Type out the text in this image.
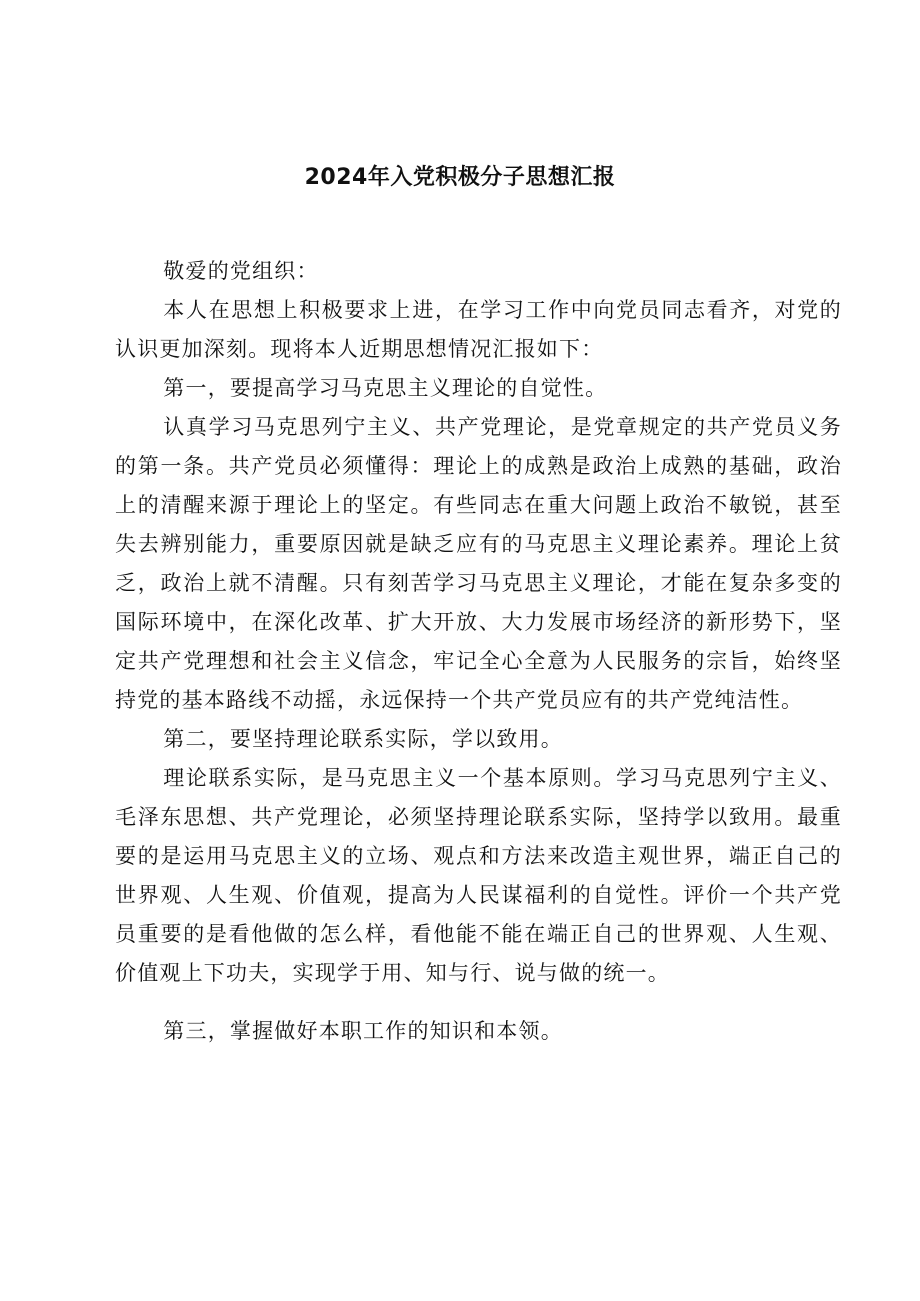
2024年入党积极分子思想汇报

敬爱的党组织：

本人在思想上积极要求上进，在学习工作中向党员同志看齐，对党的认识更加深刻。现将本人近期思想情况汇报如下：

第一，要提高学习马克思主义理论的自觉性。

认真学习马克思列宁主义、共产党理论，是党章规定的共产党员义务的第一条。共产党员必须懂得：理论上的成熟是政治上成熟的基础，政治上的清醒来源于理论上的坚定。有些同志在重大问题上政治不敏锐，甚至失去辨别能力，重要原因就是缺乏应有的马克思主义理论素养。理论上贫乏，政治上就不清醒。只有刻苦学习马克思主义理论，才能在复杂多变的国际环境中，在深化改革、扩大开放、大力发展市场经济的新形势下，坚定共产党理想和社会主义信念，牢记全心全意为人民服务的宗旨，始终坚持党的基本路线不动摇，永远保持一个共产党员应有的共产党纯洁性。

第二，要坚持理论联系实际，学以致用。

理论联系实际，是马克思主义一个基本原则。学习马克思列宁主义、毛泽东思想、共产党理论，必须坚持理论联系实际，坚持学以致用。最重要的是运用马克思主义的立场、观点和方法来改造主观世界，端正自己的世界观、人生观、价值观，提高为人民谋福利的自觉性。评价一个共产党员重要的是看他做的怎么样，看他能不能在端正自己的世界观、人生观、价值观上下功夫，实现学于用、知与行、说与做的统一。

第三，掌握做好本职工作的知识和本领。
